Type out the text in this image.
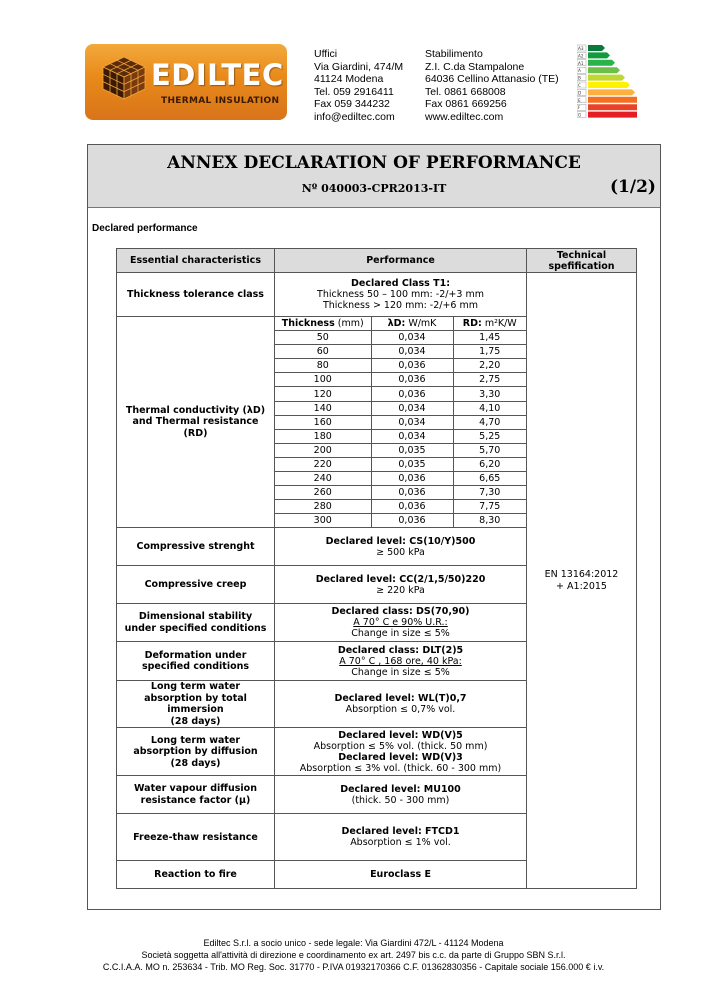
EDILTEC
THERMAL INSULATION
Uffici
Via Giardini, 474/M
41124 Modena
Tel. 059 2916411
Fax 059 344232
info@ediltec.com
Stabilimento
Z.I. C.da Stampalone
64036 Cellino Attanasio (TE)
Tel. 0861 668008
Fax 0861 669256
www.ediltec.com
A3
A2
A1
A
B
C
D
E
F
G
ANNEX DECLARATION OF PERFORMANCE
Nº 040003-CPR2013-IT	(1/2)
Declared performance
Essential characteristics	Performance	Technical spefification
Thickness tolerance class	
Declared Class T1:
Thickness 50 – 100 mm: -2/+3 mm
Thickness > 120 mm: -2/+6 mm

EN 13164:2012
+ A1:2015

Thermal conductivity (λD)
and Thermal resistance
(RD)

Thickness (mm)	λD: W/mK	RD: m²K/W
50	0,034	1,45
60	0,034	1,75
80	0,036	2,20
100	0,036	2,75
120	0,036	3,30
140	0,034	4,10
160	0,034	4,70
180	0,034	5,25
200	0,035	5,70
220	0,035	6,20
240	0,036	6,65
260	0,036	7,30
280	0,036	7,75
300	0,036	8,30

Compressive strenght	Declared level: CS(10/Y)500
≥ 500 kPa

Compressive creep	Declared level: CC(2/1,5/50)220
≥ 220 kPa

Dimensional stability
under specified conditions

Declared class: DS(70,90)
A 70° C e 90% U.R.:
Change in size ≤ 5%

Deformation under
specified conditions

Declared class: DLT(2)5
A 70° C , 168 ore, 40 kPa:
Change in size ≤ 5%

Long term water
absorption by total
immersion
(28 days)

Declared level: WL(T)0,7
Absorption ≤ 0,7% vol.

Long term water
absorption by diffusion
(28 days)

Declared level: WD(V)5
Absorption ≤ 5% vol. (thick. 50 mm)
Declared level: WD(V)3
Absorption ≤ 3% vol. (thick. 60 - 300 mm)

Water vapour diffusion
resistance factor (μ)

Declared level: MU100
(thick. 50 - 300 mm)

Freeze-thaw resistance	Declared level: FTCD1
Absorption ≤ 1% vol.

Reaction to fire	Euroclass E
Ediltec S.r.l. a socio unico - sede legale: Via Giardini 472/L - 41124 Modena
Società soggetta all'attività di direzione e coordinamento ex art. 2497 bis c.c. da parte di Gruppo SBN S.r.l.
C.C.I.A.A. MO n. 253634 - Trib. MO Reg. Soc. 31770 - P.IVA 01932170366 C.F. 01362830356 - Capitale sociale 156.000 € i.v.
